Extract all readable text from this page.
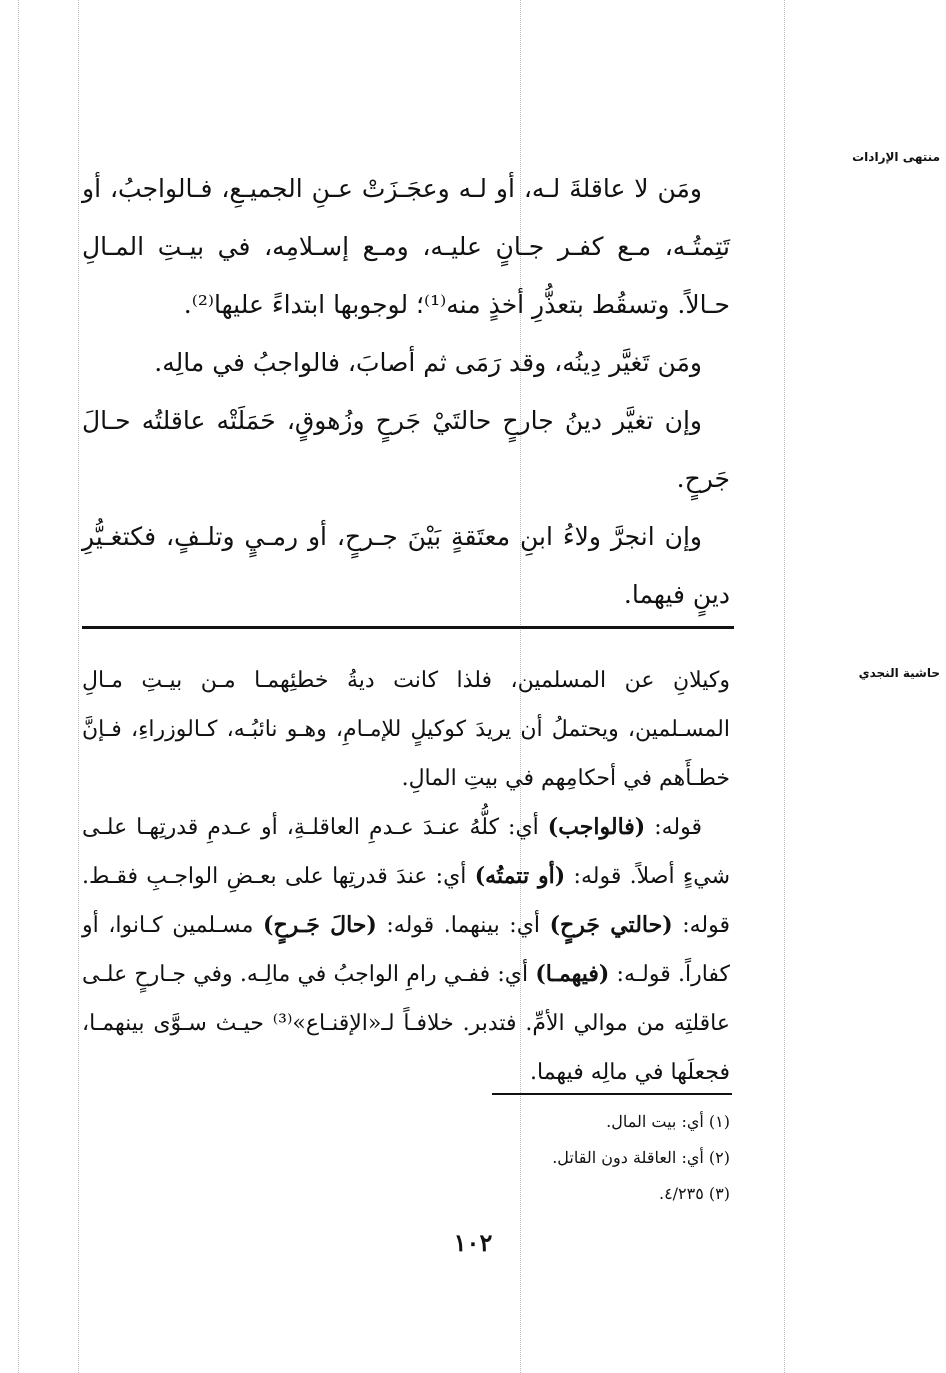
منتهى الإرادات
حاشية النجدي

ومَن لا عاقلةَ لـه، أو لـه وعجَـزَتْ عـنِ الجميـعِ، فـالواجبُ، أو تَتِمتُـه، مـع كفـر جـانٍ عليـه، ومـع إسـلامِه، في بيـتِ المـالِ حـالاً. وتسقُط بتعذُّرِ أخذٍ منه⁽¹⁾؛ لوجوبها ابتداءً عليها⁽²⁾.

ومَن تَغيَّر دِينُه، وقد رَمَى ثم أصابَ، فالواجبُ في مالِه.

وإن تغيَّر دينُ جارحٍ حالتَيْ جَرحٍ وزُهوقٍ، حَمَلَتْه عاقلتُه حـالَ جَرحٍ.

وإن انجرَّ ولاءُ ابنِ معتَقةٍ بَيْنَ جـرحٍ، أو رمـيٍ وتلـفٍ، فكتغـيُّرِ دينٍ فيهما.

وكيلانِ عن المسلمين، فلذا كانت ديةُ خطئِهمـا مـن بيـتِ مـالِ المسـلمين، ويحتملُ أن يريدَ كوكيلٍ للإمـامِ، وهـو نائبُـه، كـالوزراءِ، فـإنَّ خطـأَهم في أحكامِهم في بيتِ المالِ.

قوله: (فالواجب) أي: كلُّهُ عنـدَ عـدمِ العاقلـةِ، أو عـدمِ قدرتِهـا علـى شيءٍ أصلاً. قوله: (أو تتمتُه) أي: عندَ قدرتِها على بعـضِ الواجـبِ فقـط. قوله: (حالتي جَرحٍ) أي: بينهما. قوله: (حالَ جَـرحٍ) مسـلمين كـانوا، أو كفاراً. قولـه: (فيهمـا) أي: ففـي رامِ الواجبُ في مالِـه. وفي جـارحٍ علـى عاقلتِه من موالي الأمِّ. فتدبر. خلافـاً لـ«الإقنـاع»⁽³⁾ حيـث سـوَّى بينهمـا، فجعلَها في مالِه فيهما.

(١) أي: بيت المال.

(٢) أي: العاقلة دون القاتل.

(٣) ٤/٢٣٥.

١٠٢
